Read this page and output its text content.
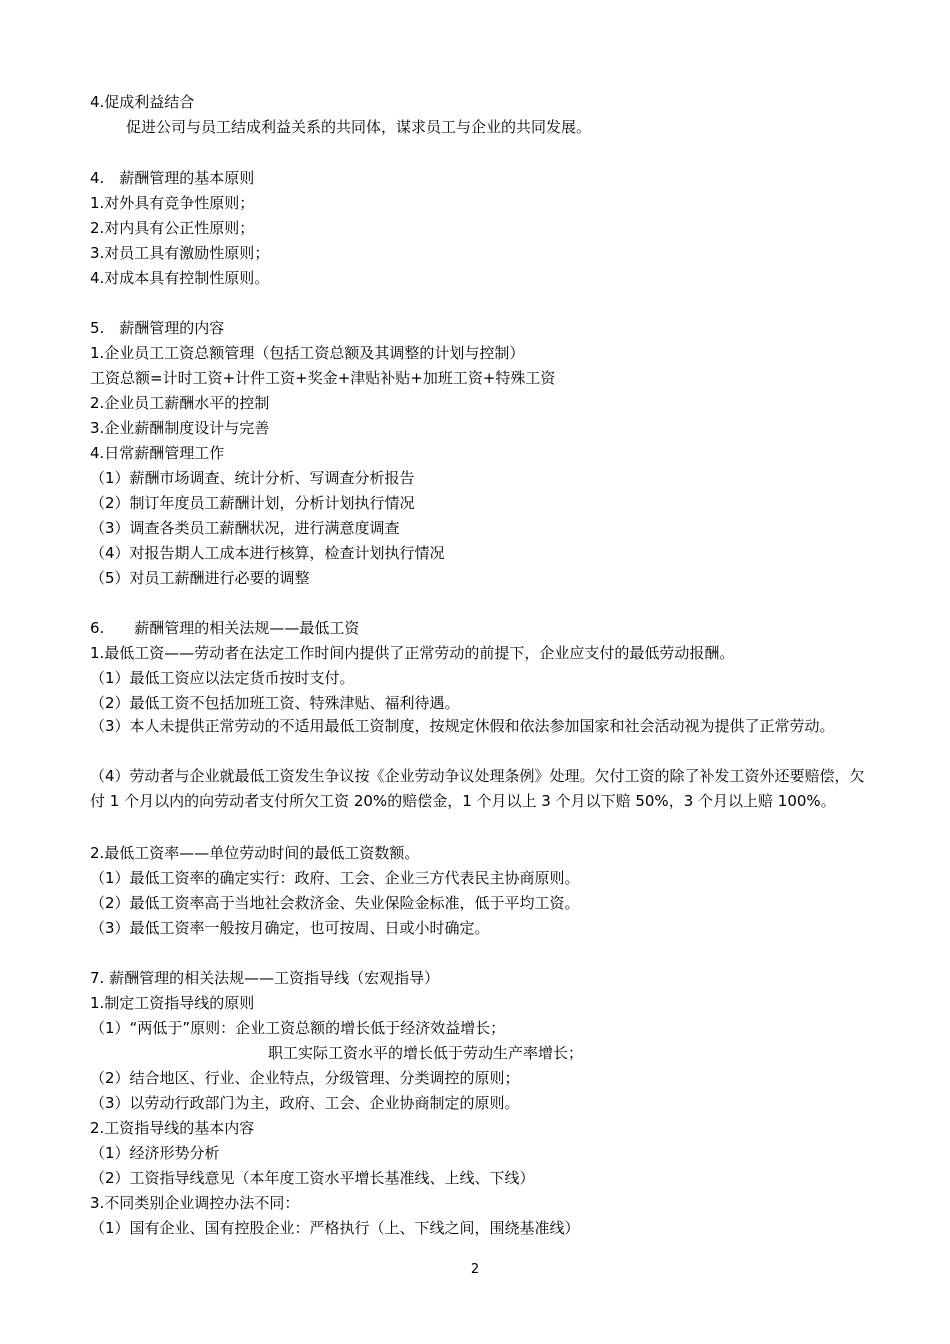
4.促成利益结合
促进公司与员工结成利益关系的共同体，谋求员工与企业的共同发展。
4.　薪酬管理的基本原则
1.对外具有竞争性原则；
2.对内具有公正性原则；
3.对员工具有激励性原则；
4.对成本具有控制性原则。
5.　薪酬管理的内容
1.企业员工工资总额管理（包括工资总额及其调整的计划与控制）
工资总额=计时工资+计件工资+奖金+津贴补贴+加班工资+特殊工资
2.企业员工薪酬水平的控制
3.企业薪酬制度设计与完善
4.日常薪酬管理工作
（1）薪酬市场调查、统计分析、写调查分析报告
（2）制订年度员工薪酬计划，分析计划执行情况
（3）调查各类员工薪酬状况，进行满意度调查
（4）对报告期人工成本进行核算，检查计划执行情况
（5）对员工薪酬进行必要的调整
6.　　薪酬管理的相关法规——最低工资
1.最低工资——劳动者在法定工作时间内提供了正常劳动的前提下，企业应支付的最低劳动报酬。
（1）最低工资应以法定货币按时支付。
（2）最低工资不包括加班工资、特殊津贴、福利待遇。
（3）本人未提供正常劳动的不适用最低工资制度，按规定休假和依法参加国家和社会活动视为提供了正常劳动。
（4）劳动者与企业就最低工资发生争议按《企业劳动争议处理条例》处理。欠付工资的除了补发工资外还要赔偿，欠付 1 个月以内的向劳动者支付所欠工资 20%的赔偿金，1 个月以上 3 个月以下赔 50%，3 个月以上赔 100%。
2.最低工资率——单位劳动时间的最低工资数额。
（1）最低工资率的确定实行：政府、工会、企业三方代表民主协商原则。
（2）最低工资率高于当地社会救济金、失业保险金标准，低于平均工资。
（3）最低工资率一般按月确定，也可按周、日或小时确定。
7. 薪酬管理的相关法规——工资指导线（宏观指导）
1.制定工资指导线的原则
（1）“两低于”原则：企业工资总额的增长低于经济效益增长；
职工实际工资水平的增长低于劳动生产率增长；
（2）结合地区、行业、企业特点，分级管理、分类调控的原则；
（3）以劳动行政部门为主，政府、工会、企业协商制定的原则。
2.工资指导线的基本内容
（1）经济形势分析
（2）工资指导线意见（本年度工资水平增长基准线、上线、下线）
3.不同类别企业调控办法不同：
（1）国有企业、国有控股企业：严格执行（上、下线之间，围绕基准线）
2
